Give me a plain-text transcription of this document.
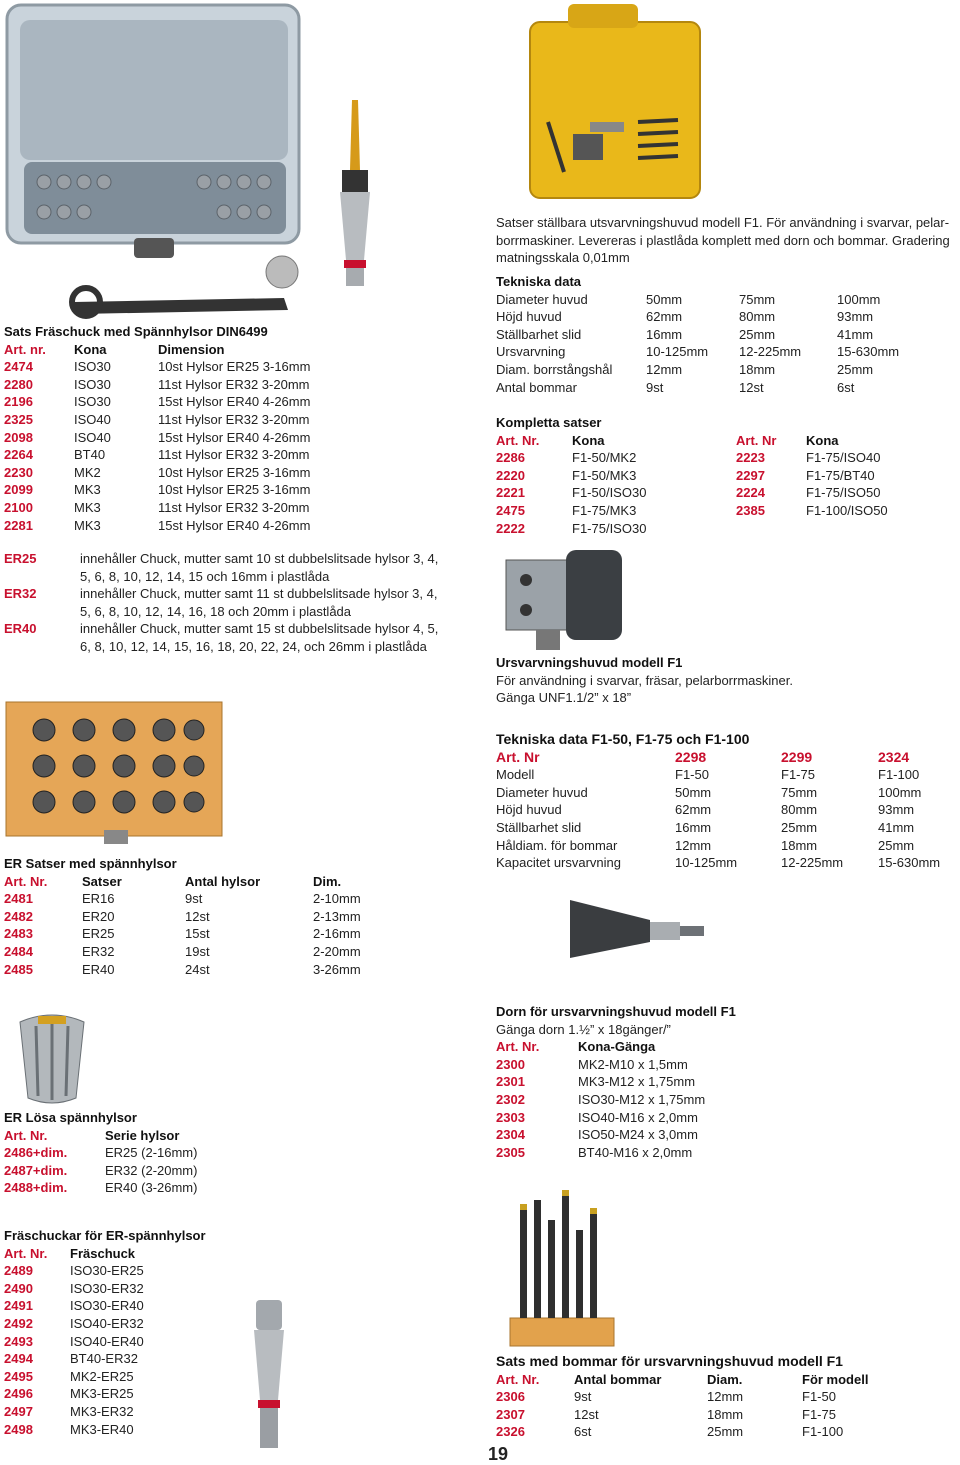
Sats Fräschuck med Spännhylsor DIN6499
Art. nr.	Kona	Dimension
2474	ISO30	10st Hylsor ER25 3-16mm
2280	ISO30	11st Hylsor ER32 3-20mm
2196	ISO30	15st Hylsor ER40 4-26mm
2325	ISO40	11st Hylsor ER32 3-20mm
2098	ISO40	15st Hylsor ER40 4-26mm
2264	BT40	11st Hylsor ER32 3-20mm
2230	MK2	10st Hylsor ER25 3-16mm
2099	MK3	10st Hylsor ER25 3-16mm
2100	MK3	11st Hylsor ER32 3-20mm
2281	MK3	15st Hylsor ER40 4-26mm
ER25	innehåller Chuck, mutter samt 10 st dubbelslitsade hylsor 3, 4,
5, 6, 8, 10, 12, 14, 15 och 16mm i plastlåda

ER32	innehåller Chuck, mutter samt 11 st dubbelslitsade hylsor 3, 4,
5, 6, 8, 10, 12, 14, 16, 18 och 20mm i plastlåda

ER40	innehåller Chuck, mutter samt 15 st dubbelslitsade hylsor 4, 5,
6, 8, 10, 12, 14, 15, 16, 18, 20, 22, 24, och 26mm i plastlåda
ER Satser med spännhylsor
Art. Nr.	Satser	Antal hylsor	Dim.
2481	ER16	9st	2-10mm
2482	ER20	12st	2-13mm
2483	ER25	15st	2-16mm
2484	ER32	19st	2-20mm
2485	ER40	24st	3-26mm
ER Lösa spännhylsor
Art. Nr.	Serie hylsor
2486+dim.	ER25 (2-16mm)
2487+dim.	ER32 (2-20mm)
2488+dim.	ER40 (3-26mm)
Fräschuckar för ER-spännhylsor
Art. Nr.	Fräschuck
2489	ISO30-ER25
2490	ISO30-ER32
2491	ISO30-ER40
2492	ISO40-ER32
2493	ISO40-ER40
2494	BT40-ER32
2495	MK2-ER25
2496	MK3-ER25
2497	MK3-ER32
2498	MK3-ER40
Satser ställbara utsvarvningshuvud modell F1. För användning i svarvar, pelar-
borrmaskiner. Levereras i plastlåda komplett med dorn och bommar. Gradering
matningsskala 0,01mm
Tekniska data
Diameter huvud	50mm	75mm	100mm
Höjd huvud	62mm	80mm	93mm
Ställbarhet slid	16mm	25mm	41mm
Ursvarvning	10-125mm	12-225mm	15-630mm
Diam. borrstångshål	12mm	18mm	25mm
Antal bommar	9st	12st	6st
Kompletta satser
Art. Nr.	Kona	Art. Nr	Kona
2286	F1-50/MK2	2223	F1-75/ISO40
2220	F1-50/MK3	2297	F1-75/BT40
2221	F1-50/ISO30	2224	F1-75/ISO50
2475	F1-75/MK3	2385	F1-100/ISO50
2222	F1-75/ISO30		
Ursvarvningshuvud modell F1
För användning i svarvar, fräsar, pelarborrmaskiner.
Gänga UNF1.1/2” x 18”
Tekniska data F1-50, F1-75 och F1-100
Art. Nr	2298	2299	2324
Modell	F1-50	F1-75	F1-100
Diameter huvud	50mm	75mm	100mm
Höjd huvud	62mm	80mm	93mm
Ställbarhet slid	16mm	25mm	41mm
Håldiam. för bommar	12mm	18mm	25mm
Kapacitet ursvarvning	10-125mm	12-225mm	15-630mm
Dorn för ursvarvningshuvud modell F1
Gänga dorn 1.½” x 18gänger/”
Art. Nr.	Kona-Gänga
2300	MK2-M10 x 1,5mm
2301	MK3-M12 x 1,75mm
2302	ISO30-M12 x 1,75mm
2303	ISO40-M16 x 2,0mm
2304	ISO50-M24 x 3,0mm
2305	BT40-M16 x 2,0mm
Sats med bommar för ursvarvningshuvud modell F1
Art. Nr.	Antal bommar	Diam.	För modell
2306	9st	12mm	F1-50
2307	12st	18mm	F1-75
2326	6st	25mm	F1-100
19
